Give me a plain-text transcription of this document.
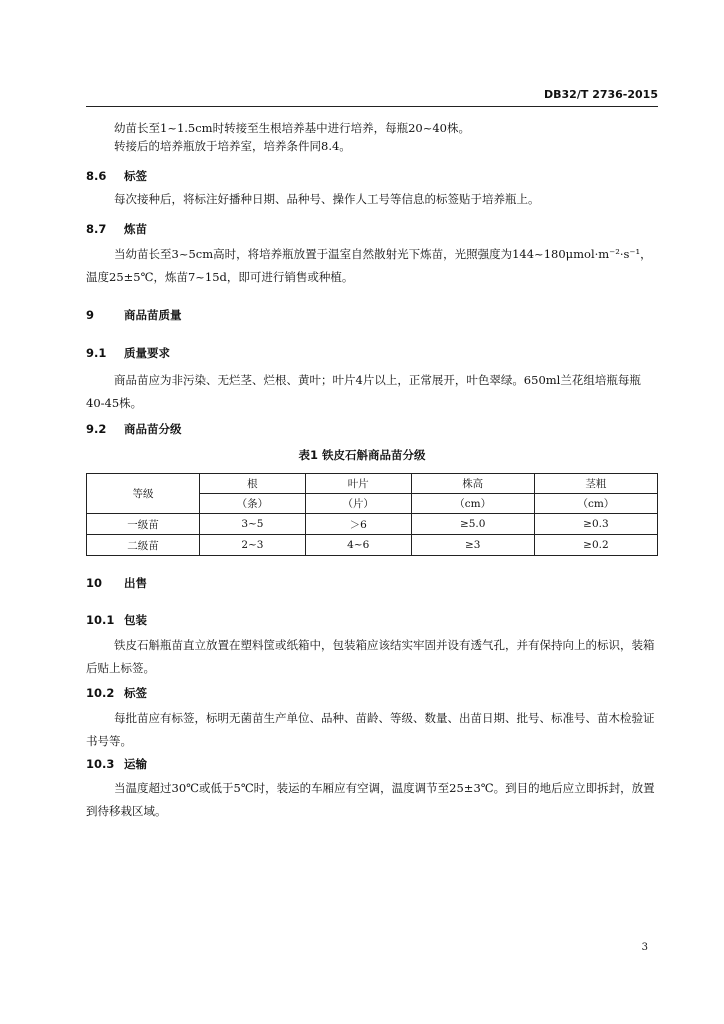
DB32/T 2736-2015
幼苗长至1~1.5cm时转接至生根培养基中进行培养，每瓶20~40株。
转接后的培养瓶放于培养室，培养条件同8.4。
8.6 标签
每次接种后，将标注好播种日期、品种号、操作人工号等信息的标签贴于培养瓶上。
8.7 炼苗
当幼苗长至3~5cm高时，将培养瓶放置于温室自然散射光下炼苗，光照强度为144~180μmol·m⁻²·s⁻¹，温度25±5℃，炼苗7~15d，即可进行销售或种植。
9	商品苗质量
9.1 质量要求
商品苗应为非污染、无烂茎、烂根、黄叶；叶片4片以上，正常展开，叶色翠绿。650ml兰花组培瓶每瓶40-45株。
9.2 商品苗分级
表1 铁皮石斛商品苗分级
等级	根	叶片	株高	茎粗
	（条）	（片）	（cm）	（cm）
一级苗	3~5	＞6	≥5.0	≥0.3
二级苗	2~3	4~6	≥3	≥0.2
10 出售
10.1 包装
铁皮石斛瓶苗直立放置在塑料筐或纸箱中，包装箱应该结实牢固并设有透气孔，并有保持向上的标识，装箱后贴上标签。
10.2 标签
每批苗应有标签，标明无菌苗生产单位、品种、苗龄、等级、数量、出苗日期、批号、标准号、苗木检验证书号等。
10.3 运输
当温度超过30℃或低于5℃时，装运的车厢应有空调，温度调节至25±3℃。到目的地后应立即拆封，放置到待移栽区域。
3
